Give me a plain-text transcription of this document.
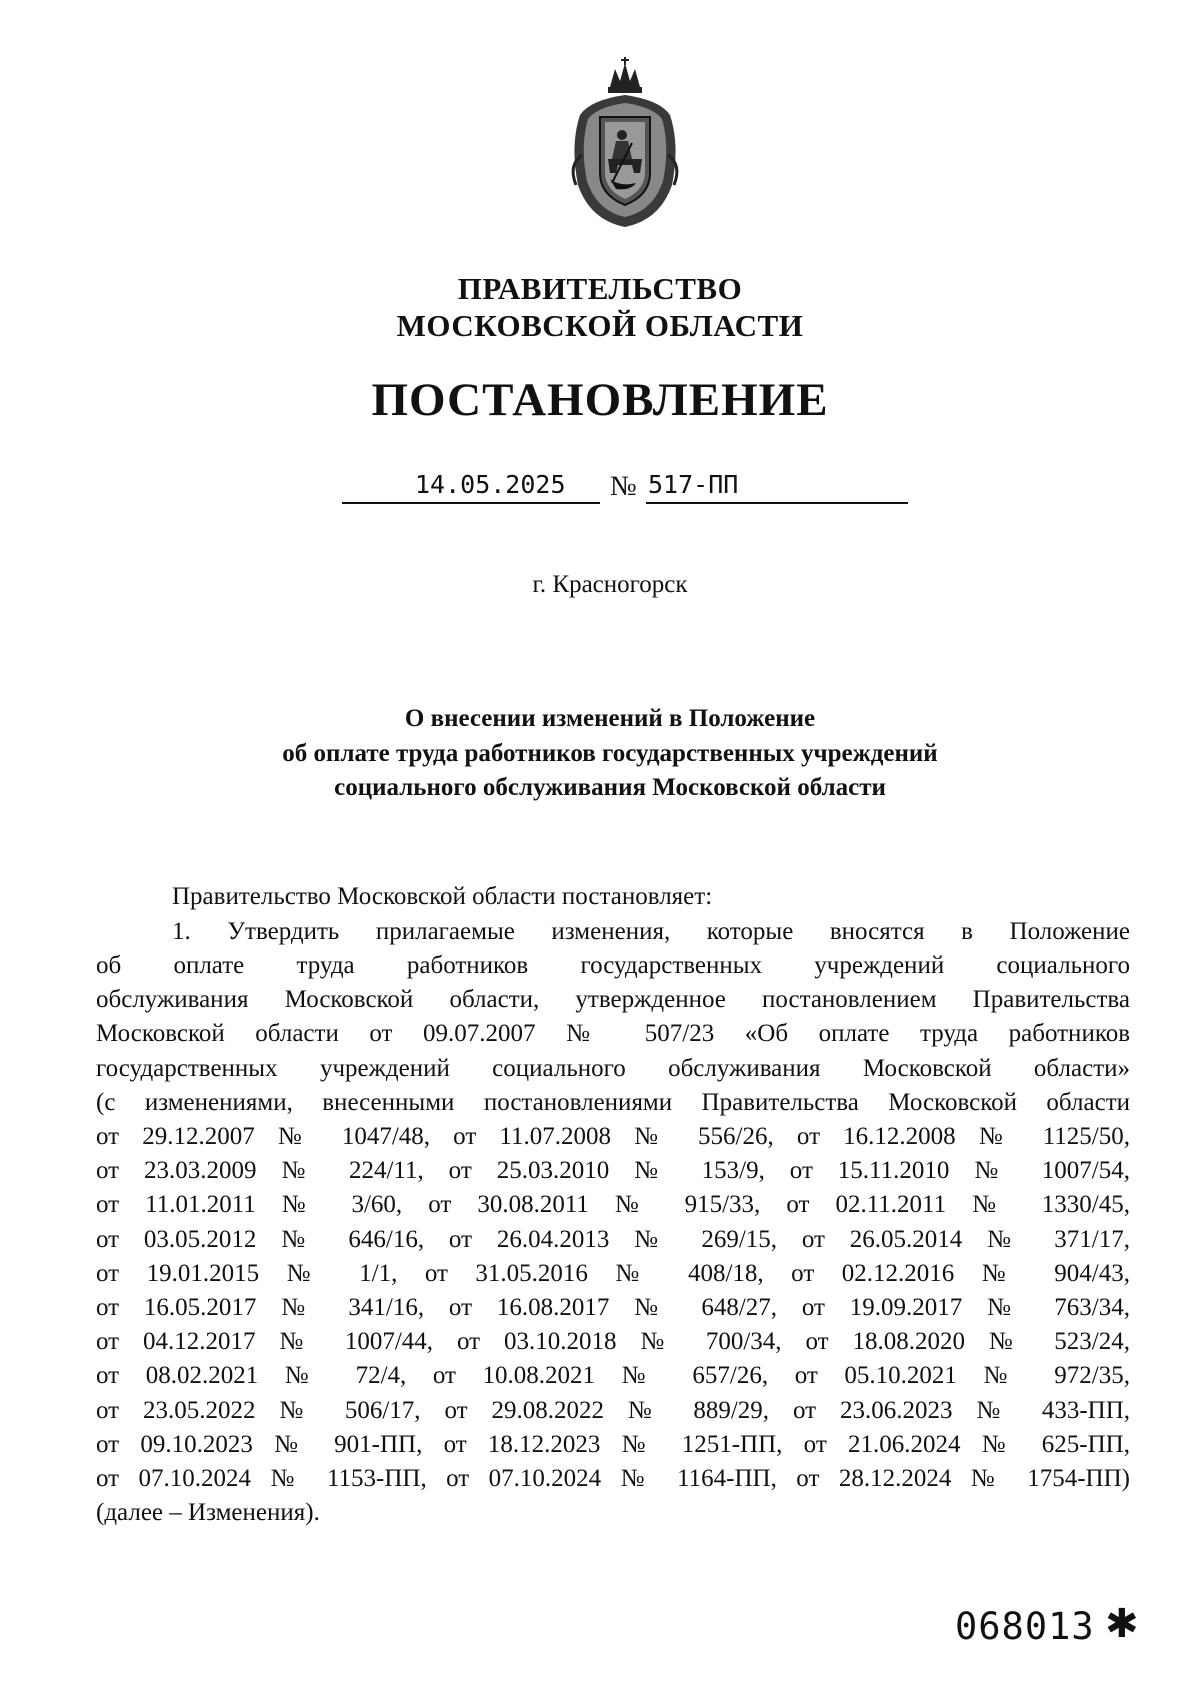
ПРАВИТЕЛЬСТВО
МОСКОВСКОЙ ОБЛАСТИ
ПОСТАНОВЛЕНИЕ
14.05.2025 № 517-ПП
г. Красногорск
О внесении изменений в Положение
об оплате труда работников государственных учреждений
социального обслуживания Московской области
Правительство Московской области постановляет:
1. Утвердить прилагаемые изменения, которые вносятся в Положение
об оплате труда работников государственных учреждений социального
обслуживания Московской области, утвержденное постановлением Правительства
Московской области от 09.07.2007 № 507/23 «Об оплате труда работников
государственных учреждений социального обслуживания Московской области»
(с изменениями, внесенными постановлениями Правительства Московской области
от 29.12.2007 № 1047/48, от 11.07.2008 № 556/26, от 16.12.2008 № 1125/50,
от 23.03.2009 № 224/11, от 25.03.2010 № 153/9, от 15.11.2010 № 1007/54,
от 11.01.2011 № 3/60, от 30.08.2011 № 915/33, от 02.11.2011 № 1330/45,
от 03.05.2012 № 646/16, от 26.04.2013 № 269/15, от 26.05.2014 № 371/17,
от 19.01.2015 № 1/1, от 31.05.2016 № 408/18, от 02.12.2016 № 904/43,
от 16.05.2017 № 341/16, от 16.08.2017 № 648/27, от 19.09.2017 № 763/34,
от 04.12.2017 № 1007/44, от 03.10.2018 № 700/34, от 18.08.2020 № 523/24,
от 08.02.2021 № 72/4, от 10.08.2021 № 657/26, от 05.10.2021 № 972/35,
от 23.05.2022 № 506/17, от 29.08.2022 № 889/29, от 23.06.2023 № 433-ПП,
от 09.10.2023 № 901-ПП, от 18.12.2023 № 1251-ПП, от 21.06.2024 № 625-ПП,
от 07.10.2024 № 1153-ПП, от 07.10.2024 № 1164-ПП, от 28.12.2024 № 1754-ПП)
(далее – Изменения).
068013 ✱
